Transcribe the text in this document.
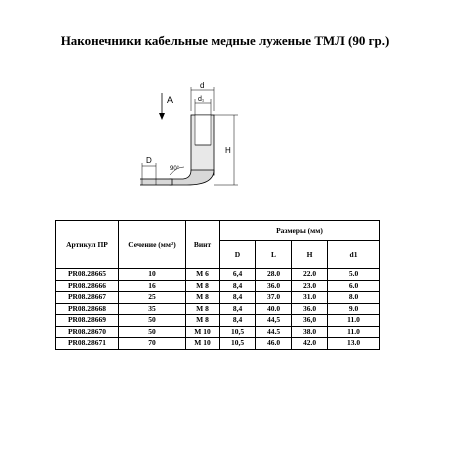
Наконечники кабельные медные луженые ТМЛ (90 гр.)
A
d
d₁
D
90°
H
Артикул ПР	Сечение (мм²)	Винт	Размеры (мм)			
			D	L	H	d1
PR08.28665	10	M 6	6,4	28.0	22.0	5.0
PR08.28666	16	M 8	8,4	36.0	23.0	6.0
PR08.28667	25	M 8	8,4	37.0	31.0	8.0
PR08.28668	35	M 8	8,4	40.0	36.0	9.0
PR08.28669	50	M 8	8,4	44,5	36,0	11.0
PR08.28670	50	M 10	10,5	44.5	38.0	11.0
PR08.28671	70	M 10	10,5	46.0	42.0	13.0
